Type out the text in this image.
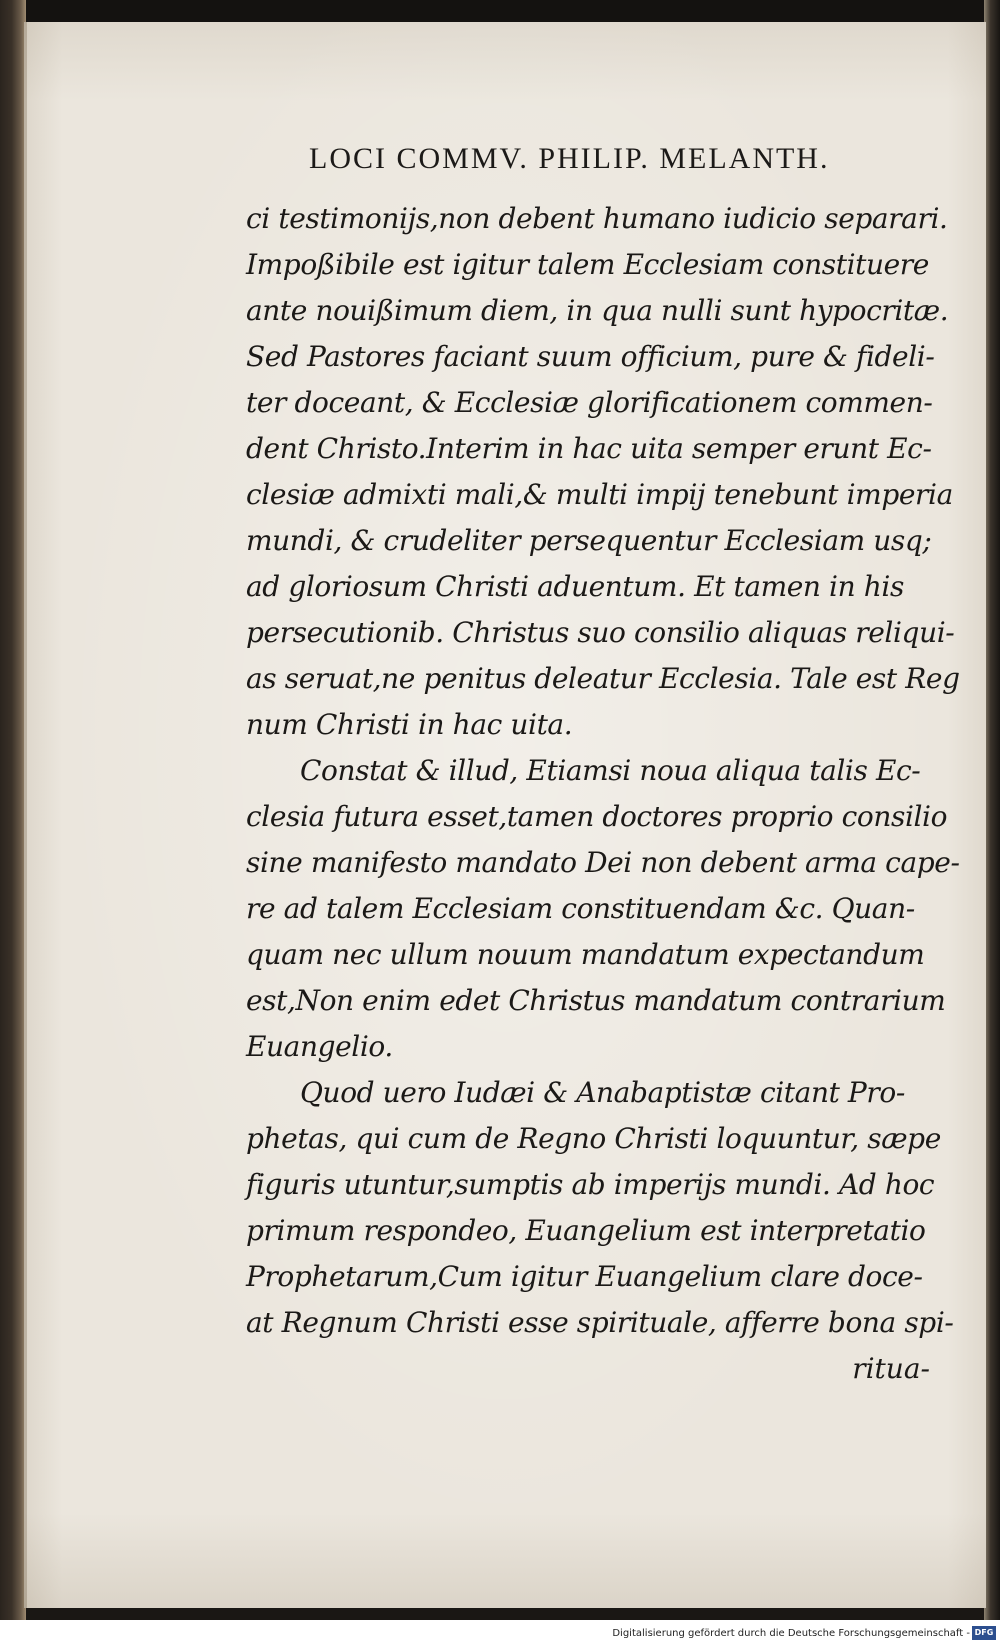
LOCI COMMV. PHILIP. MELANTH.
ci testimonijs,non debent humano iudicio separari.
Impoßibile est igitur talem Ecclesiam constituere
ante nouißimum diem, in qua nulli sunt hypocritæ.
Sed Pastores faciant suum officium, pure & fideli-
ter doceant, & Ecclesiæ glorificationem commen-
dent Christo.Interim in hac uita semper erunt Ec-
clesiæ admixti mali,& multi impij tenebunt imperia
mundi, & crudeliter persequentur Ecclesiam usq;
ad gloriosum Christi aduentum. Et tamen in his
persecutionib. Christus suo consilio aliquas reliqui-
as seruat,ne penitus deleatur Ecclesia. Tale est Reg
num Christi in hac uita.
Constat & illud, Etiamsi noua aliqua talis Ec-
clesia futura esset,tamen doctores proprio consilio
sine manifesto mandato Dei non debent arma cape-
re ad talem Ecclesiam constituendam &c. Quan-
quam nec ullum nouum mandatum expectandum
est,Non enim edet Christus mandatum contrarium
Euangelio.
Quod uero Iudæi & Anabaptistæ citant Pro-
phetas, qui cum de Regno Christi loquuntur, sæpe
figuris utuntur,sumptis ab imperijs mundi. Ad hoc
primum respondeo, Euangelium est interpretatio
Prophetarum,Cum igitur Euangelium clare doce-
at Regnum Christi esse spirituale, afferre bona spi-
ritua-
Digitalisierung gefördert durch die Deutsche Forschungsgemeinschaft - DFG
